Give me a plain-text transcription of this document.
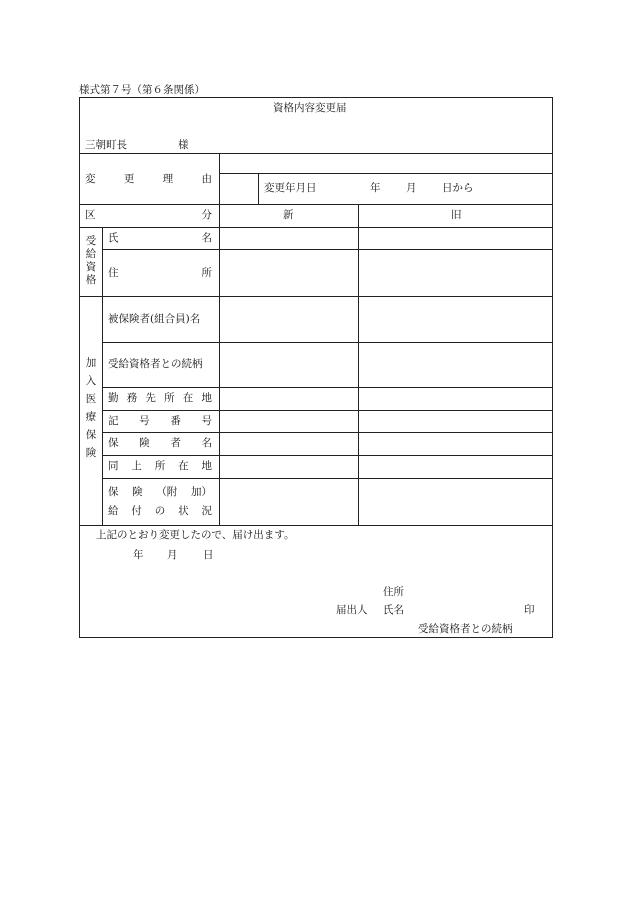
様式第７号（第６条関係）
資格内容変更届
三朝町長	様
変	更	理	由
変更年月日	年 月 日から
区	分	新	旧
受
給
資
格
氏	名
住	所
加
入
医
療
保
険
被保険者(組合員)名
受給資格者との続柄
勤 務 先 所 在 地
記 号 番 号
保 険 者 名
同 上 所 在 地
保 険 （附 加）
給 付 の 状 況
上記のとおり変更したので、届け出ます。
年 月 日
住所
届出人 氏名	印
受給資格者との続柄
